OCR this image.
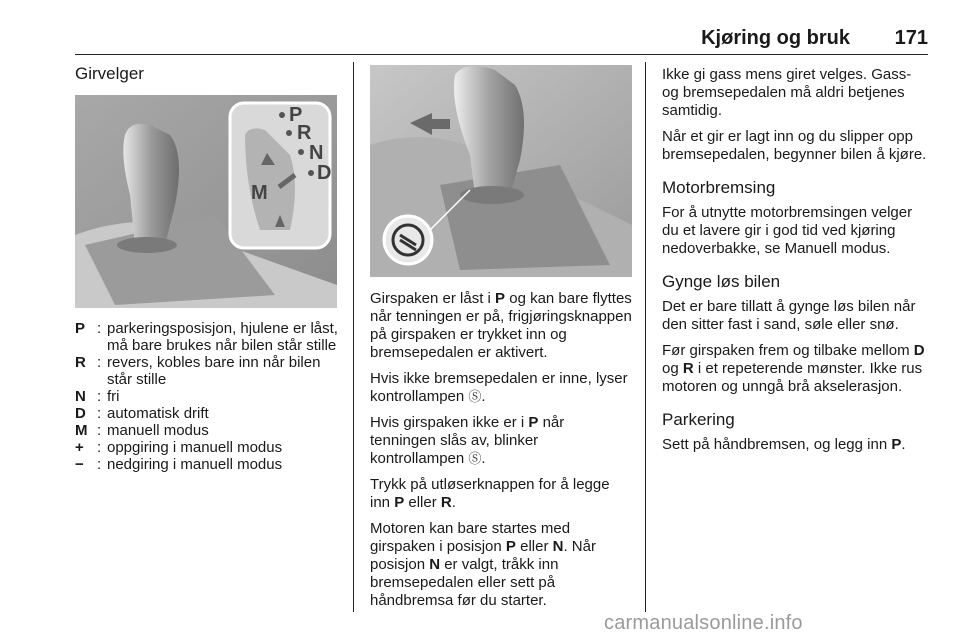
Kjøring og bruk	171
Girvelger
P
R
N
D
M
P : parkeringsposisjon, hjulene er låst, må bare brukes når bilen står stille
R : revers, kobles bare inn når bilen står stille
N : fri
D : automatisk drift
M : manuell modus
+ : oppgiring i manuell modus
− : nedgiring i manuell modus

Girspaken er låst i P og kan bare flyttes når tenningen er på, frigjøringsknappen på girspaken er trykket inn og bremsepedalen er aktivert.

Hvis ikke bremsepedalen er inne, lyser kontrollampen Ⓢ.

Hvis girspaken ikke er i P når tenningen slås av, blinker kontrollampen Ⓢ.

Trykk på utløserknappen for å legge inn P eller R.

Motoren kan bare startes med girspaken i posisjon P eller N. Når posisjon N er valgt, tråkk inn bremsepedalen eller sett på håndbremsa før du starter.

Ikke gi gass mens giret velges. Gass- og bremsepedalen må aldri betjenes samtidig.

Når et gir er lagt inn og du slipper opp bremsepedalen, begynner bilen å kjøre.

Motorbremsing

For å utnytte motorbremsingen velger du et lavere gir i god tid ved kjøring nedoverbakke, se Manuell modus.

Gynge løs bilen

Det er bare tillatt å gynge løs bilen når den sitter fast i sand, søle eller snø.

Før girspaken frem og tilbake mellom D og R i et repeterende mønster. Ikke rus motoren og unngå brå akselerasjon.

Parkering

Sett på håndbremsen, og legg inn P.

carmanualsonline.info
